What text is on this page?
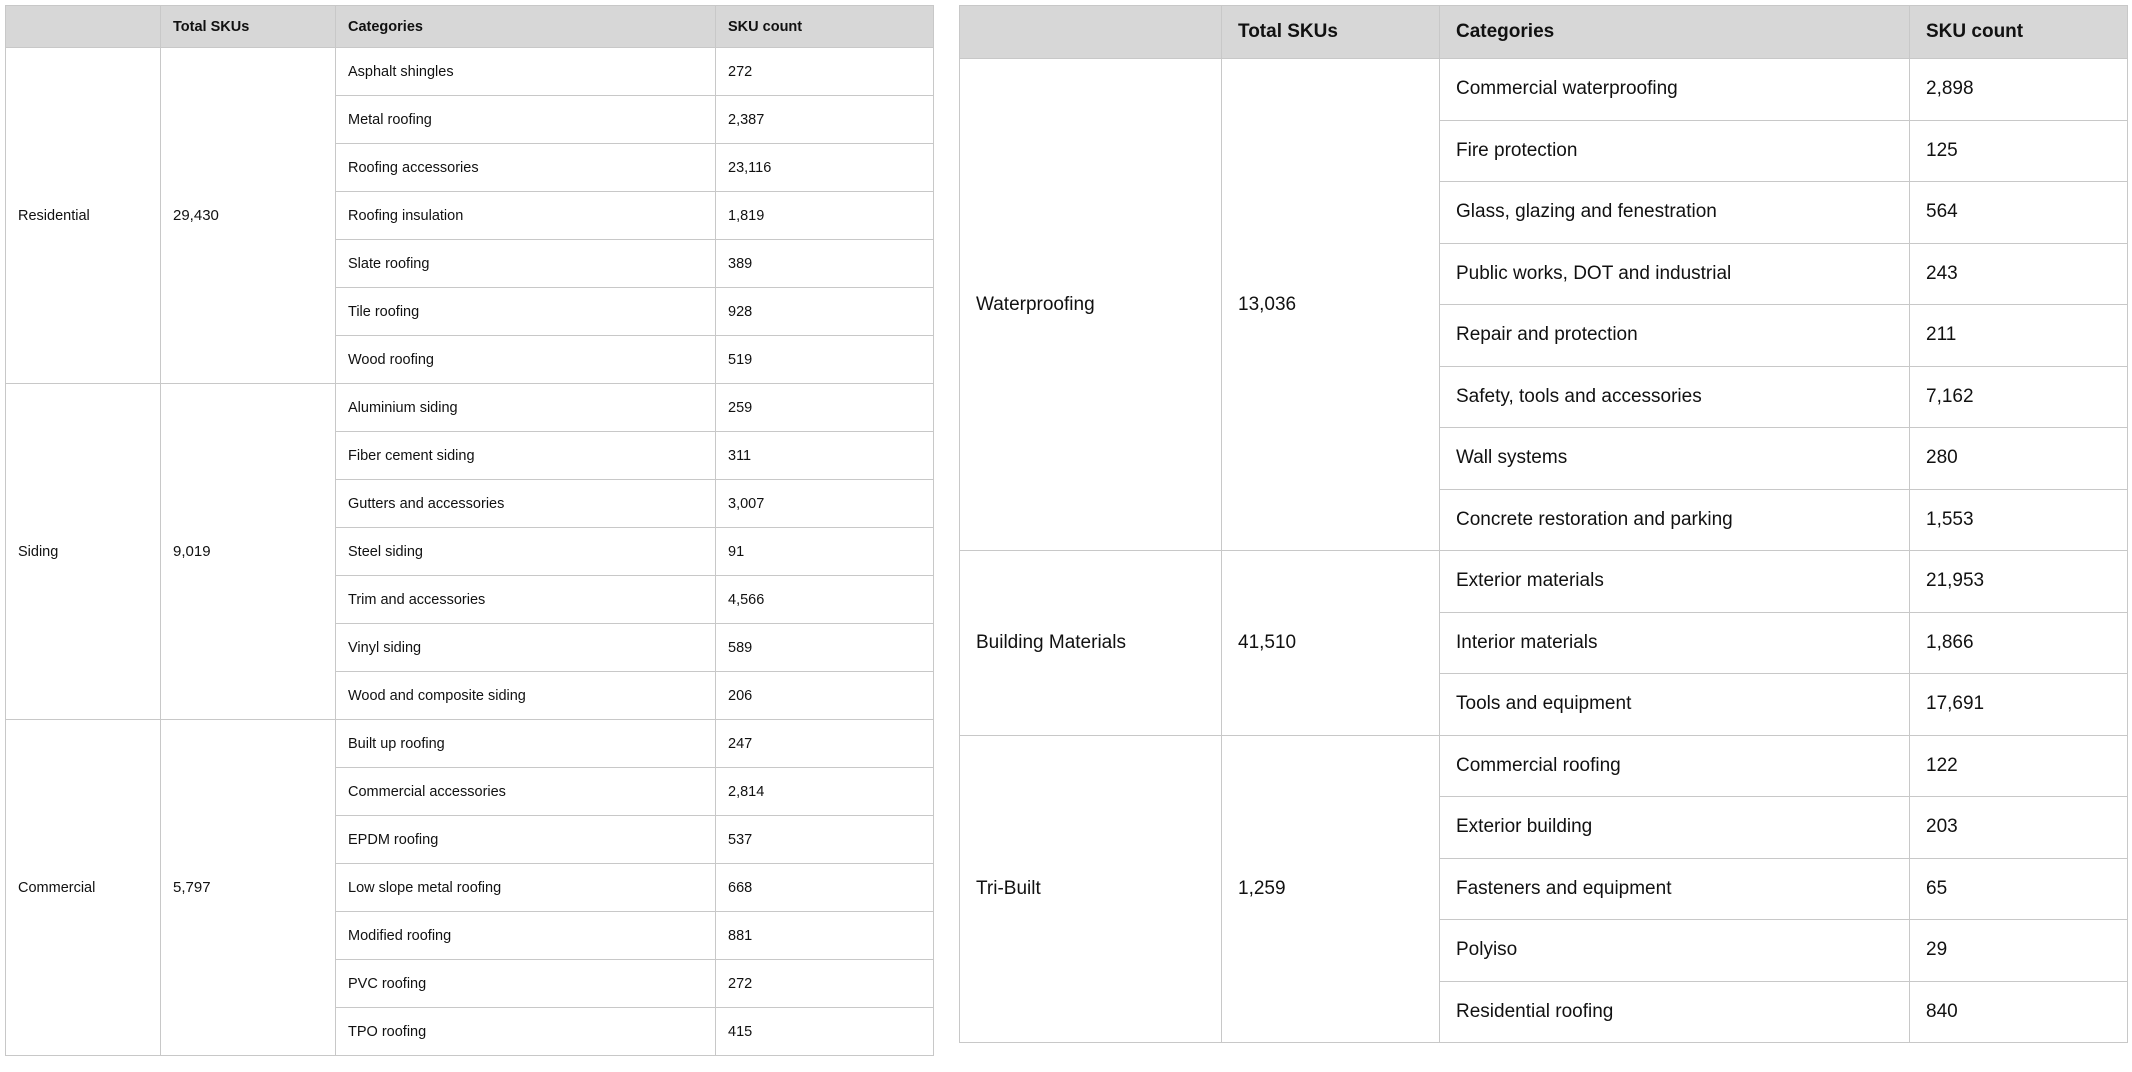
	Total SKUs	Categories	SKU count
Residential	29,430	Asphalt shingles	272
		Metal roofing	2,387
		Roofing accessories	23,116
		Roofing insulation	1,819
		Slate roofing	389
		Tile roofing	928
		Wood roofing	519
Siding	9,019	Aluminium siding	259
		Fiber cement siding	311
		Gutters and accessories	3,007
		Steel siding	91
		Trim and accessories	4,566
		Vinyl siding	589
		Wood and composite siding	206
Commercial	5,797	Built up roofing	247
		Commercial accessories	2,814
		EPDM roofing	537
		Low slope metal roofing	668
		Modified roofing	881
		PVC roofing	272
		TPO roofing	415
	Total SKUs	Categories	SKU count
Waterproofing	13,036	Commercial waterproofing	2,898
		Fire protection	125
		Glass, glazing and fenestration	564
		Public works, DOT and industrial	243
		Repair and protection	211
		Safety, tools and accessories	7,162
		Wall systems	280
		Concrete restoration and parking	1,553
Building Materials	41,510	Exterior materials	21,953
		Interior materials	1,866
		Tools and equipment	17,691
Tri-Built	1,259	Commercial roofing	122
		Exterior building	203
		Fasteners and equipment	65
		Polyiso	29
		Residential roofing	840
